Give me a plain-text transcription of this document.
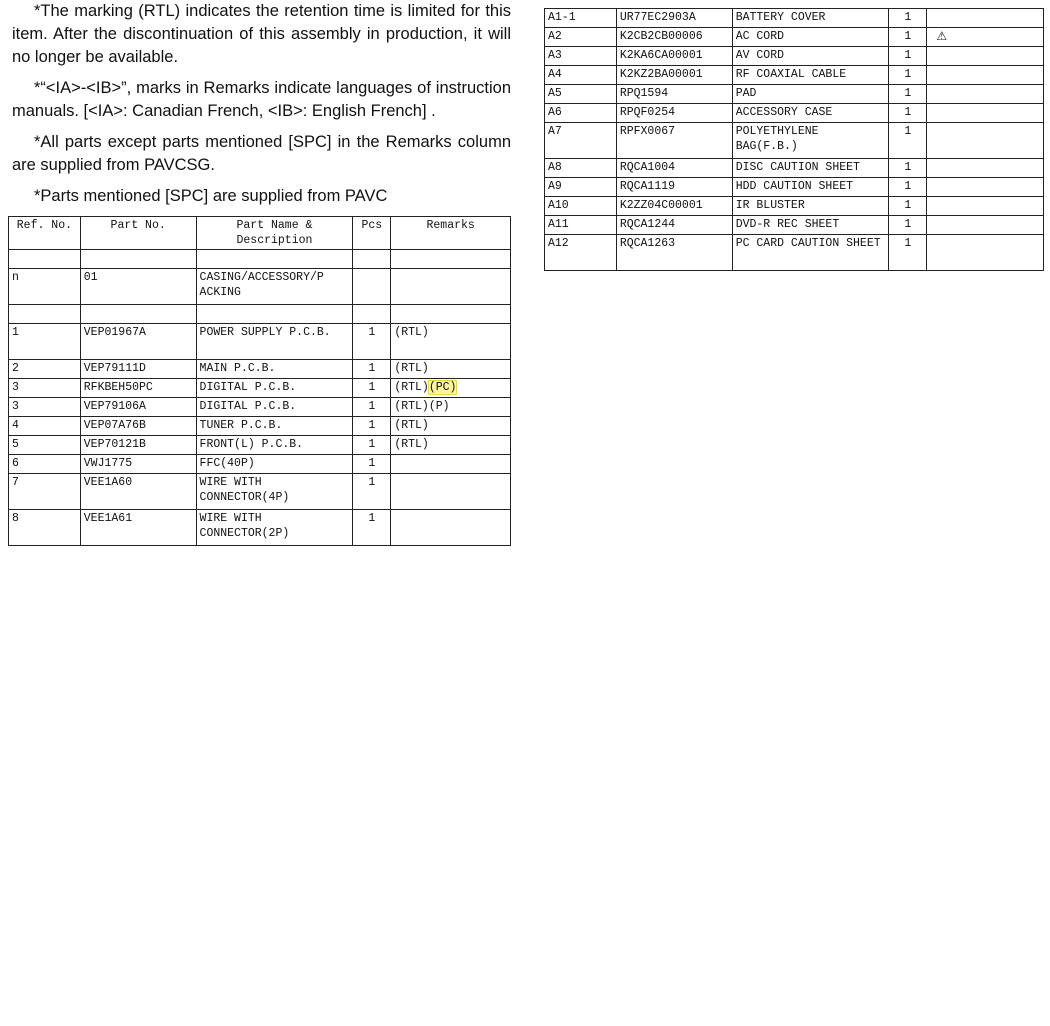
*The marking (RTL) indicates the retention time is limited for this item. After the discontinuation of this assembly in production, it will no longer be available.

*“<IA>-<IB>”, marks in Remarks indicate languages of instruction manuals. [<IA>: Canadian French, <IB>: English French] .

*All parts except parts mentioned [SPC] in the Remarks column are supplied from PAVCSG.

*Parts mentioned [SPC] are supplied from PAVC

Ref. No.	Part No.	Part Name & Description	Pcs	Remarks

n	01	CASING/ACCESSORY/P ACKING		

1	VEP01967A	POWER SUPPLY P.C.B.	1	(RTL)
2	VEP79111D	MAIN P.C.B.	1	(RTL)
3	RFKBEH50PC	DIGITAL P.C.B.	1	(RTL)(PC)
3	VEP79106A	DIGITAL P.C.B.	1	(RTL)(P)
4	VEP07A76B	TUNER P.C.B.	1	(RTL)
5	VEP70121B	FRONT(L) P.C.B.	1	(RTL)
6	VWJ1775	FFC(40P)	1	
7	VEE1A60	WIRE WITH CONNECTOR(4P)	1	
8	VEE1A61	WIRE WITH CONNECTOR(2P)	1	
A1-1	UR77EC2903A	BATTERY COVER	1	
A2	K2CB2CB00006	AC CORD	1	⚠
A3	K2KA6CA00001	AV CORD	1	
A4	K2KZ2BA00001	RF COAXIAL CABLE	1	
A5	RPQ1594	PAD	1	
A6	RPQF0254	ACCESSORY CASE	1	
A7	RPFX0067	POLYETHYLENE BAG(F.B.)	1	
A8	RQCA1004	DISC CAUTION SHEET	1	
A9	RQCA1119	HDD CAUTION SHEET	1	
A10	K2ZZ04C00001	IR BLUSTER	1	
A11	RQCA1244	DVD-R REC SHEET	1	
A12	RQCA1263	PC CARD CAUTION SHEET	1	
